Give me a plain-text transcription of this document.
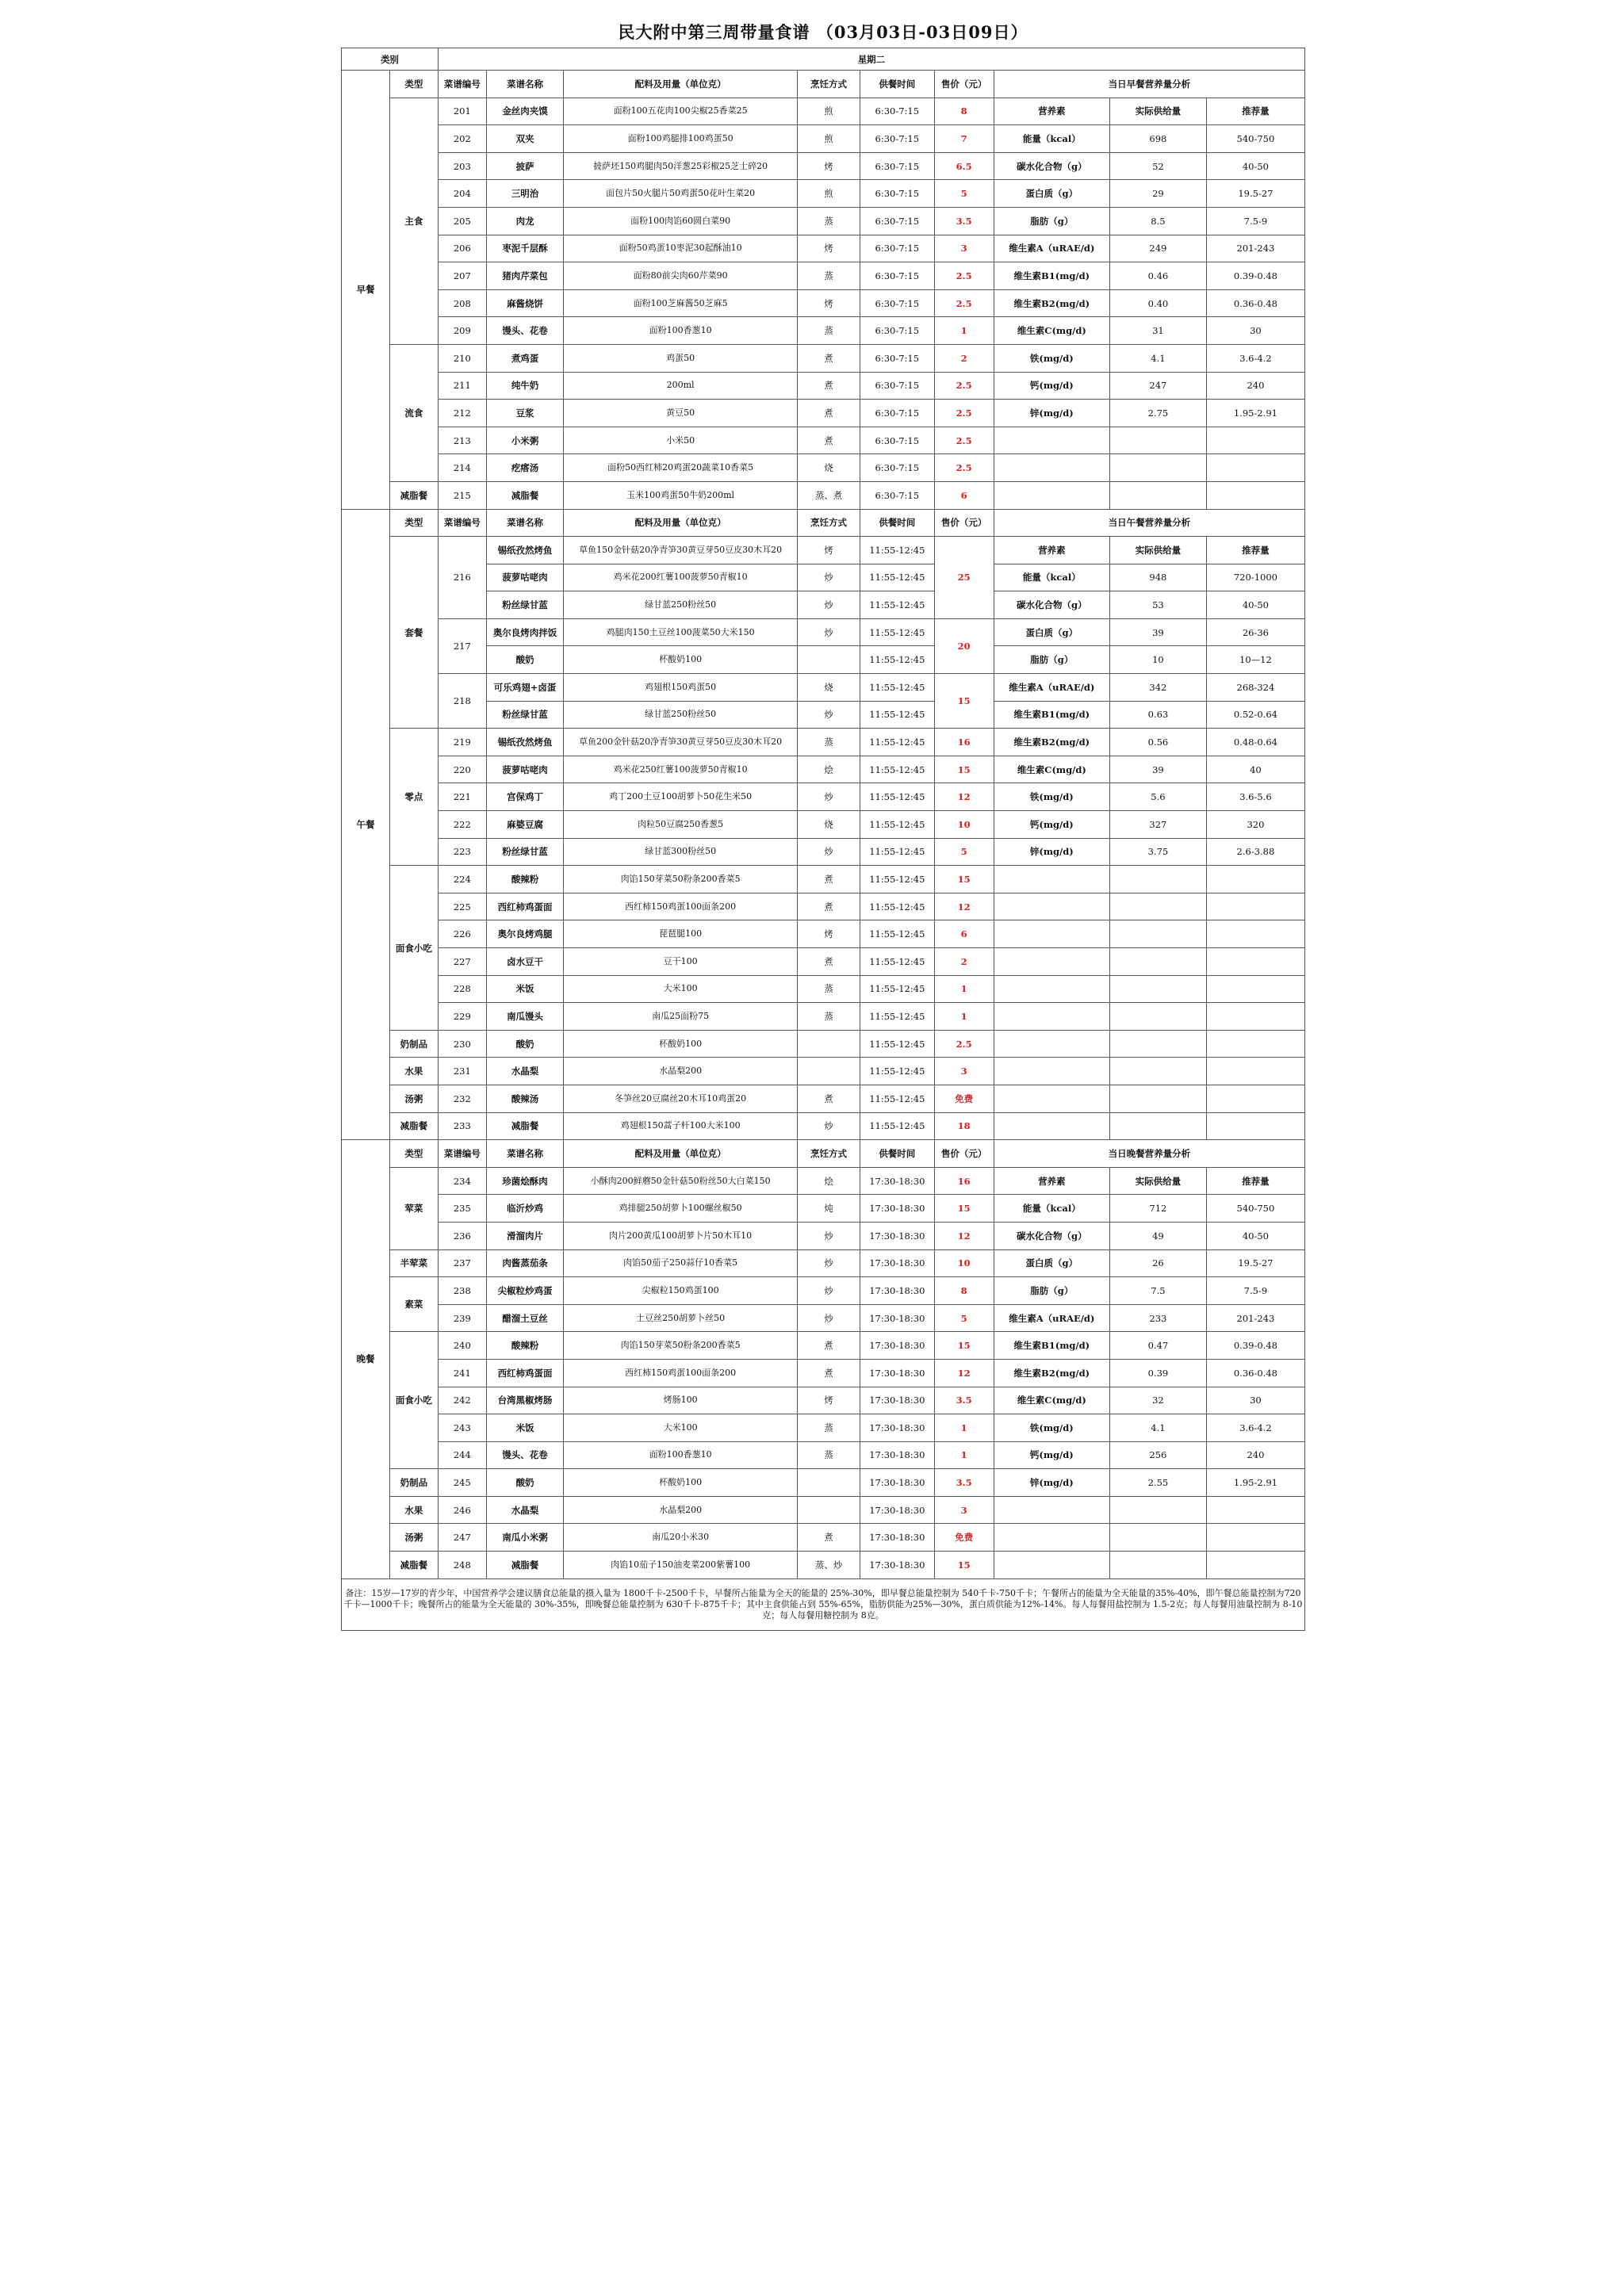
民大附中第三周带量食谱 （03月03日-03日09日）
类别		星期二								
早餐	类型	菜谱编号	菜谱名称	配料及用量（单位克）	烹饪方式	供餐时间	售价（元）	当日早餐营养量分析		
	主食	201	金丝肉夹馍	面粉100五花肉100尖椒25香菜25	煎	6:30-7:15	8	营养素	实际供给量	推荐量
		202	双夹	面粉100鸡腿排100鸡蛋50	煎	6:30-7:15	7	能量（kcal）	698	540-750
		203	披萨	披萨坯150鸡腿肉50洋葱25彩椒25芝士碎20	烤	6:30-7:15	6.5	碳水化合物（g）	52	40-50
		204	三明治	面包片50火腿片50鸡蛋50花叶生菜20	煎	6:30-7:15	5	蛋白质（g）	29	19.5-27
		205	肉龙	面粉100肉馅60圆白菜90	蒸	6:30-7:15	3.5	脂肪（g）	8.5	7.5-9
		206	枣泥千层酥	面粉50鸡蛋10枣泥30起酥油10	烤	6:30-7:15	3	维生素A（uRAE/d)	249	201-243
		207	猪肉芹菜包	面粉80前尖肉60芹菜90	蒸	6:30-7:15	2.5	维生素B1(mg/d)	0.46	0.39-0.48
		208	麻酱烧饼	面粉100芝麻酱50芝麻5	烤	6:30-7:15	2.5	维生素B2(mg/d)	0.40	0.36-0.48
		209	馒头、花卷	面粉100香葱10	蒸	6:30-7:15	1	维生素C(mg/d)	31	30
	流食	210	煮鸡蛋	鸡蛋50	煮	6:30-7:15	2	铁(mg/d)	4.1	3.6-4.2
		211	纯牛奶	200ml	煮	6:30-7:15	2.5	钙(mg/d)	247	240
		212	豆浆	黄豆50	煮	6:30-7:15	2.5	锌(mg/d)	2.75	1.95-2.91
		213	小米粥	小米50	煮	6:30-7:15	2.5			
		214	疙瘩汤	面粉50西红柿20鸡蛋20蔬菜10香菜5	烧	6:30-7:15	2.5			
	减脂餐	215	减脂餐	玉米100鸡蛋50牛奶200ml	蒸、煮	6:30-7:15	6			
午餐	类型	菜谱编号	菜谱名称	配料及用量（单位克）	烹饪方式	供餐时间	售价（元）	当日午餐营养量分析		
	套餐	216	锡纸孜然烤鱼	草鱼150金针菇20净青笋30黄豆芽50豆皮30木耳20	烤	11:55-12:45	25	营养素	实际供给量	推荐量
			菠萝咕咾肉	鸡米花200红薯100菠萝50青椒10	炒	11:55-12:45		能量（kcal）	948	720-1000
			粉丝绿甘蓝	绿甘蓝250粉丝50	炒	11:55-12:45		碳水化合物（g）	53	40-50
		217	奥尔良烤肉拌饭	鸡腿肉150土豆丝100菠菜50大米150	炒	11:55-12:45	20	蛋白质（g）	39	26-36
			酸奶	杯酸奶100		11:55-12:45		脂肪（g）	10	10—12
		218	可乐鸡翅+卤蛋	鸡翅根150鸡蛋50	烧	11:55-12:45	15	维生素A（uRAE/d)	342	268-324
			粉丝绿甘蓝	绿甘蓝250粉丝50	炒	11:55-12:45		维生素B1(mg/d)	0.63	0.52-0.64
	零点	219	锡纸孜然烤鱼	草鱼200金针菇20净青笋30黄豆芽50豆皮30木耳20	蒸	11:55-12:45	16	维生素B2(mg/d)	0.56	0.48-0.64
		220	菠萝咕咾肉	鸡米花250红薯100菠萝50青椒10	烩	11:55-12:45	15	维生素C(mg/d)	39	40
		221	宫保鸡丁	鸡丁200土豆100胡萝卜50花生米50	炒	11:55-12:45	12	铁(mg/d)	5.6	3.6-5.6
		222	麻婆豆腐	肉粒50豆腐250香葱5	烧	11:55-12:45	10	钙(mg/d)	327	320
		223	粉丝绿甘蓝	绿甘蓝300粉丝50	炒	11:55-12:45	5	锌(mg/d)	3.75	2.6-3.88
	面食小吃	224	酸辣粉	肉馅150芽菜50粉条200香菜5	煮	11:55-12:45	15			
		225	西红柿鸡蛋面	西红柿150鸡蛋100面条200	煮	11:55-12:45	12			
		226	奥尔良烤鸡腿	琵琶腿100	烤	11:55-12:45	6			
		227	卤水豆干	豆干100	煮	11:55-12:45	2			
		228	米饭	大米100	蒸	11:55-12:45	1			
		229	南瓜馒头	南瓜25面粉75	蒸	11:55-12:45	1			
	奶制品	230	酸奶	杯酸奶100		11:55-12:45	2.5			
	水果	231	水晶梨	水晶梨200		11:55-12:45	3			
	汤粥	232	酸辣汤	冬笋丝20豆腐丝20木耳10鸡蛋20	煮	11:55-12:45	免费			
	减脂餐	233	减脂餐	鸡翅根150蒿子杆100大米100	炒	11:55-12:45	18			
晚餐	类型	菜谱编号	菜谱名称	配料及用量（单位克）	烹饪方式	供餐时间	售价（元）	当日晚餐营养量分析		
	荤菜	234	珍菌烩酥肉	小酥肉200鲜蘑50金针菇50粉丝50大白菜150	烩	17:30-18:30	16	营养素	实际供给量	推荐量
		235	临沂炒鸡	鸡排腿250胡萝卜100螺丝椒50	炖	17:30-18:30	15	能量（kcal）	712	540-750
		236	滑溜肉片	肉片200黄瓜100胡萝卜片50木耳10	炒	17:30-18:30	12	碳水化合物（g）	49	40-50
	半荤菜	237	肉酱蒸茄条	肉馅50茄子250蒜仔10香菜5	炒	17:30-18:30	10	蛋白质（g）	26	19.5-27
	素菜	238	尖椒粒炒鸡蛋	尖椒粒150鸡蛋100	炒	17:30-18:30	8	脂肪（g）	7.5	7.5-9
		239	醋溜土豆丝	土豆丝250胡萝卜丝50	炒	17:30-18:30	5	维生素A（uRAE/d)	233	201-243
	面食小吃	240	酸辣粉	肉馅150芽菜50粉条200香菜5	煮	17:30-18:30	15	维生素B1(mg/d)	0.47	0.39-0.48
		241	西红柿鸡蛋面	西红柿150鸡蛋100面条200	煮	17:30-18:30	12	维生素B2(mg/d)	0.39	0.36-0.48
		242	台湾黑椒烤肠	烤肠100	烤	17:30-18:30	3.5	维生素C(mg/d)	32	30
		243	米饭	大米100	蒸	17:30-18:30	1	铁(mg/d)	4.1	3.6-4.2
		244	馒头、花卷	面粉100香葱10	蒸	17:30-18:30	1	钙(mg/d)	256	240
	奶制品	245	酸奶	杯酸奶100		17:30-18:30	3.5	锌(mg/d)	2.55	1.95-2.91
	水果	246	水晶梨	水晶梨200		17:30-18:30	3			
	汤粥	247	南瓜小米粥	南瓜20小米30	煮	17:30-18:30	免费			
	减脂餐	248	减脂餐	肉馅10茄子150油麦菜200紫薯100	蒸、炒	17:30-18:30	15			
备注：15岁—17岁的青少年，中国营养学会建议膳食总能量的摄入量为 1800千卡-2500千卡，早餐所占能量为全天的能量的 25%-30%，即早餐总能量控制为 540千卡-750千卡；午餐所占的能量为全天能量的35%-40%，即午餐总能量控制为720千卡—1000千卡；晚餐所占的能量为全天能量的 30%-35%，即晚餐总能量控制为 630千卡-875千卡；其中主食供能占到 55%-65%，脂肪供能为25%—30%，蛋白质供能为12%-14%。每人每餐用盐控制为 1.5-2克；每人每餐用油量控制为 8-10克；每人每餐用糖控制为 8克。										
